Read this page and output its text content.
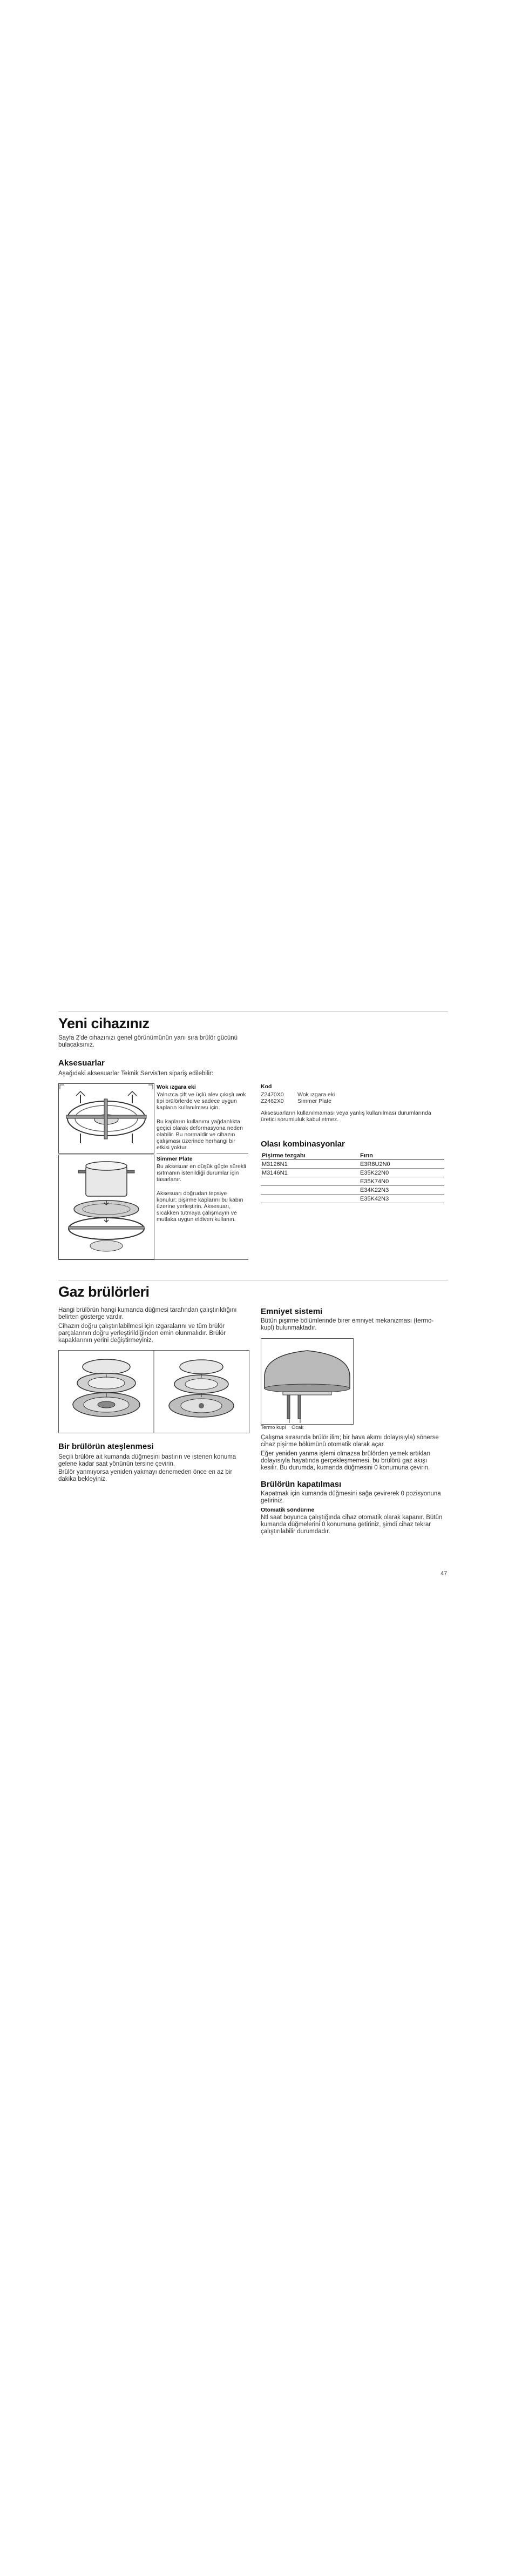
Yeni cihazınız

Sayfa 2'de cihazınızı genel görünümünün yanı sıra brülör gücünü bulacaksınız.

Aksesuarlar

Aşağıdaki aksesuarlar Teknik Servis'ten sipariş edilebilir:

Wok ızgara eki

Yalnızca çift ve üçlü alev çıkışlı wok tipi brülörlerde ve sadece uygun kapların kullanılması için.

Bu kapların kullanımı yağdanlıkta geçici olarak deformasyona neden olabilir. Bu normaldir ve cihazın çalışması üzerinde herhangi bir etkisi yoktur.

Simmer Plate

Bu aksesuar en düşük güçte sürekli ısıtmanın istenildiği durumlar için tasarlanır.

Aksesuarı doğrudan tepsiye konulur; pişirme kaplarını bu kabın üzerine yerleştirin. Aksesuarı, sıcakken tutmaya çalışmayın ve mutlaka uygun eldiven kullanın.

Kod

Z2470X0	Wok ızgara eki
Z2462X0	Simmer Plate

Aksesuarların kullanılmaması veya yanlış kullanılması durumlarında üretici sorumluluk kabul etmez.

Olası kombinasyonlar
Pişirme tezgahı	Fırın
M3126N1	E3R8U2N0
M3146N1	E35K22N0
	E35K74N0
	E34K22N3
	E35K42N3
Gaz brülörleri

Hangi brülörün hangi kumanda düğmesi tarafından çalıştırıldığını belirten gösterge vardır.

Cihazın doğru çalıştırılabilmesi için ızgaralarını ve tüm brülör parçalarının doğru yerleştirildiğinden emin olunmalıdır. Brülör kapaklarının yerini değiştirmeyiniz.

Bir brülörün ateşlenmesi

Seçili brülöre ait kumanda düğmesini bastırın ve istenen konuma gelene kadar saat yönünün tersine çevirin.

Brülör yanmıyorsa yeniden yakmayı denemeden önce en az bir dakika bekleyiniz.

Emniyet sistemi

Bütün pişirme bölümlerinde birer emniyet mekanizması (termo-kupl) bulunmaktadır.

Termo kupl Ocak

Çalışma sırasında brülör ilim; bir hava akımı dolayısıyla) sönerse cihaz pişirme bölümünü otomatik olarak açar.

Eğer yeniden yanma işlemi olmazsa brülörden yemek artıkları dolayısıyla hayatında gerçekleşmemesi, bu brülörü gaz akışı kesilir. Bu durumda, kumanda düğmesini 0 konumuna çevirin.

Brülörün kapatılması

Kapatmak için kumanda düğmesini sağa çevirerek 0 pozisyonuna getiriniz.

Otomatik söndürme

Ntl saat boyunca çalıştığında cihaz otomatik olarak kapanır. Bütün kumanda düğmelerini 0 konumuna getiriniz, şimdi cihaz tekrar çalıştırılabilir durumdadır.

47
